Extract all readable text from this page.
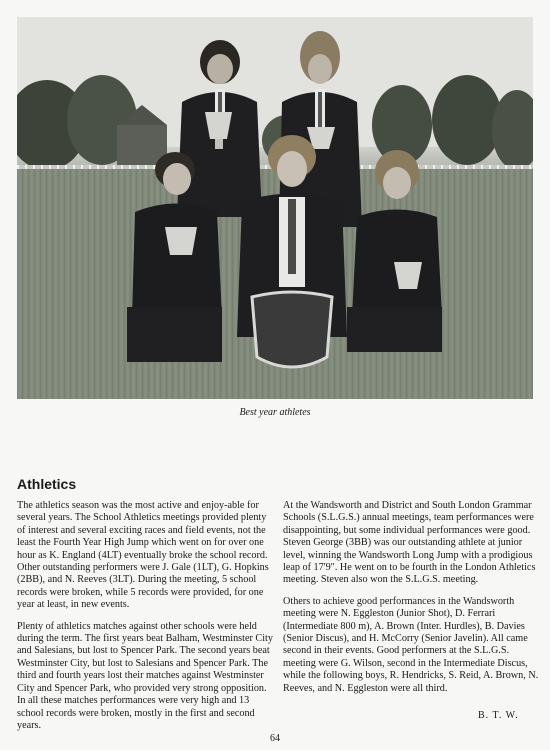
Best year athletes
Athletics

The athletics season was the most active and enjoy-able for several years. The School Athletics meetings provided plenty of interest and several exciting races and field events, not the least the Fourth Year High Jump which went on for over one hour as K. England (4LT) eventually broke the school record. Other outstanding performers were J. Gale (1LT), G. Hopkins (2BB), and N. Reeves (3LT). During the meeting, 5 school records were broken, while 5 records were provided, for one year at least, in new events.

Plenty of athletics matches against other schools were held during the term. The first years beat Balham, Westminster City and Salesians, but lost to Spencer Park. The second years beat Westminster City, but lost to Salesians and Spencer Park. The third and fourth years lost their matches against Westminster City and Spencer Park, who provided very strong opposition. In all these matches performances were very high and 13 school records were broken, mostly in the first and second years.

At the Wandsworth and District and South London Grammar Schools (S.L.G.S.) annual meetings, team performances were disappointing, but some individual performances were good. Steven George (3BB) was our outstanding athlete at junior level, winning the Wandsworth Long Jump with a prodigious leap of 17'9". He went on to be fourth in the London Athletics meeting. Steven also won the S.L.G.S. meeting.

Others to achieve good performances in the Wandsworth meeting were N. Eggleston (Junior Shot), D. Ferrari (Intermediate 800 m), A. Brown (Inter. Hurdles), B. Davies (Senior Discus), and H. McCorry (Senior Javelin). All came second in their events. Good performers at the S.L.G.S. meeting were G. Wilson, second in the Intermediate Discus, while the following boys, R. Hendricks, S. Reid, A. Brown, N. Reeves, and N. Eggleston were all third.

B. T. W.
64
